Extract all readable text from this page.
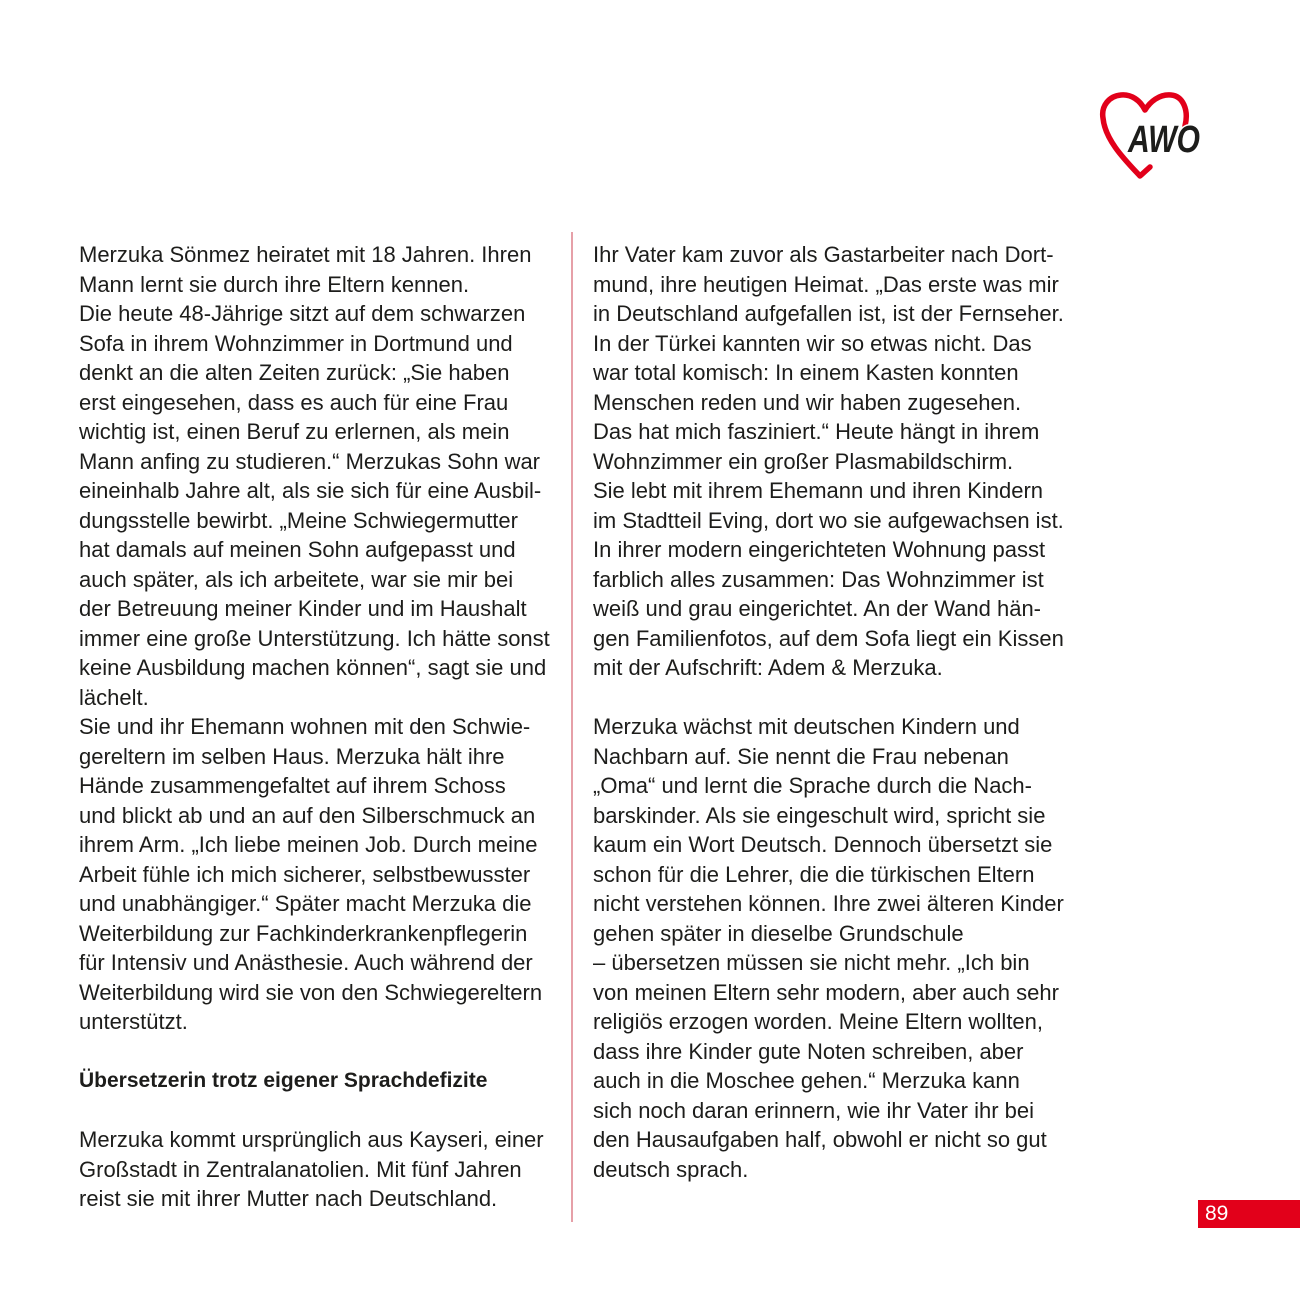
AWO
Merzuka Sönmez heiratet mit 18 Jahren. Ihren
Mann lernt sie durch ihre Eltern kennen.
Die heute 48-Jährige sitzt auf dem schwarzen
Sofa in ihrem Wohnzimmer in Dortmund und
denkt an die alten Zeiten zurück: „Sie haben
erst eingesehen, dass es auch für eine Frau
wichtig ist, einen Beruf zu erlernen, als mein
Mann anfing zu studieren.“ Merzukas Sohn war
eineinhalb Jahre alt, als sie sich für eine Ausbil-
dungsstelle bewirbt. „Meine Schwiegermutter
hat damals auf meinen Sohn aufgepasst und
auch später, als ich arbeitete, war sie mir bei
der Betreuung meiner Kinder und im Haushalt
immer eine große Unterstützung. Ich hätte sonst
keine Ausbildung machen können“, sagt sie und
lächelt.
Sie und ihr Ehemann wohnen mit den Schwie-
gereltern im selben Haus. Merzuka hält ihre
Hände zusammengefaltet auf ihrem Schoss
und blickt ab und an auf den Silberschmuck an
ihrem Arm. „Ich liebe meinen Job. Durch meine
Arbeit fühle ich mich sicherer, selbstbewusster
und unabhängiger.“ Später macht Merzuka die
Weiterbildung zur Fachkinderkrankenpflegerin
für Intensiv und Anästhesie. Auch während der
Weiterbildung wird sie von den Schwiegereltern
unterstützt.
Übersetzerin trotz eigener Sprachdefizite
Merzuka kommt ursprünglich aus Kayseri, einer
Großstadt in Zentralanatolien. Mit fünf Jahren
reist sie mit ihrer Mutter nach Deutschland.
Ihr Vater kam zuvor als Gastarbeiter nach Dort-
mund, ihre heutigen Heimat. „Das erste was mir
in Deutschland aufgefallen ist, ist der Fernseher.
In der Türkei kannten wir so etwas nicht. Das
war total komisch: In einem Kasten konnten
Menschen reden und wir haben zugesehen.
Das hat mich fasziniert.“ Heute hängt in ihrem
Wohnzimmer ein großer Plasmabildschirm.
Sie lebt mit ihrem Ehemann und ihren Kindern
im Stadtteil Eving, dort wo sie aufgewachsen ist.
In ihrer modern eingerichteten Wohnung passt
farblich alles zusammen: Das Wohnzimmer ist
weiß und grau eingerichtet. An der Wand hän-
gen Familienfotos, auf dem Sofa liegt ein Kissen
mit der Aufschrift: Adem & Merzuka.
Merzuka wächst mit deutschen Kindern und
Nachbarn auf. Sie nennt die Frau nebenan
„Oma“ und lernt die Sprache durch die Nach-
barskinder. Als sie eingeschult wird, spricht sie
kaum ein Wort Deutsch. Dennoch übersetzt sie
schon für die Lehrer, die die türkischen Eltern
nicht verstehen können. Ihre zwei älteren Kinder
gehen später in dieselbe Grundschule
– übersetzen müssen sie nicht mehr. „Ich bin
von meinen Eltern sehr modern, aber auch sehr
religiös erzogen worden. Meine Eltern wollten,
dass ihre Kinder gute Noten schreiben, aber
auch in die Moschee gehen.“ Merzuka kann
sich noch daran erinnern, wie ihr Vater ihr bei
den Hausaufgaben half, obwohl er nicht so gut
deutsch sprach.
89
